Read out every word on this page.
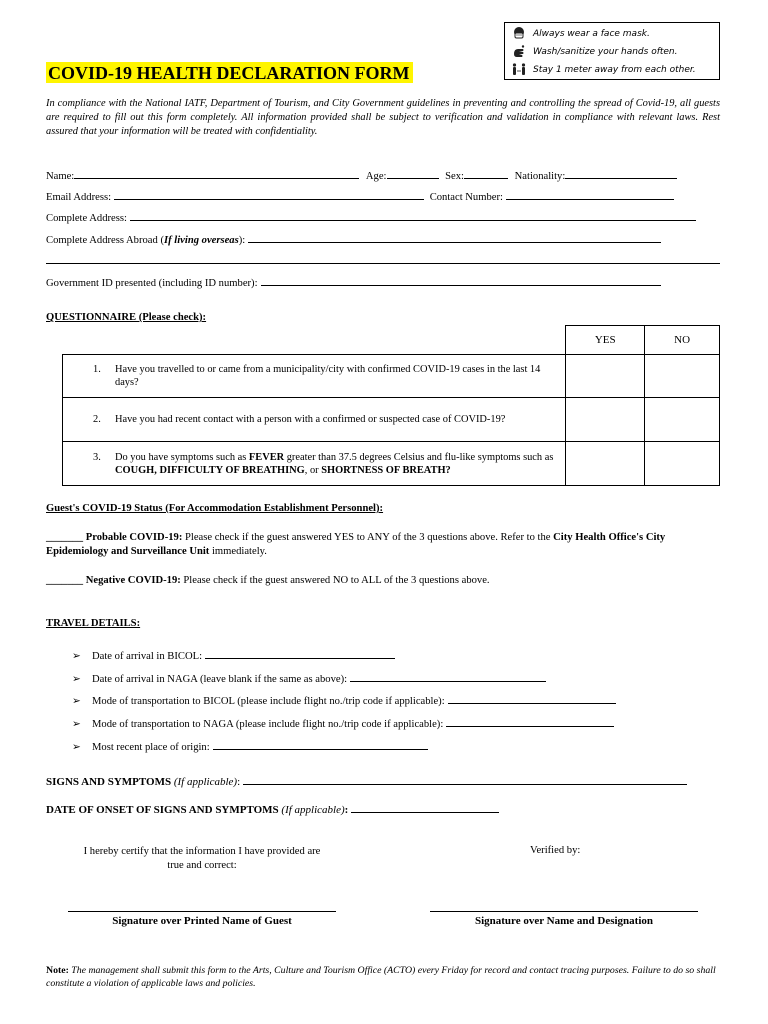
COVID-19 HEALTH DECLARATION FORM
Always wear a face mask.
Wash/sanitize your hands often.
Stay 1 meter away from each other.
In compliance with the National IATF, Department of Tourism, and City Government guidelines in preventing and controlling the spread of Covid-19, all guests are required to fill out this form completely. All information provided shall be subject to verification and validation in compliance with relevant laws. Rest assured that your information will be treated with confidentiality.
Name:	Age:	Sex:	Nationality:
Email Address:	Contact Number:
Complete Address:
Complete Address Abroad (If living overseas):
Government ID presented (including ID number):
QUESTIONNAIRE (Please check):
	YES	NO

1. Have you travelled to or came from a municipality/city with confirmed COVID-19 cases in the last 14 days?		

2. Have you had recent contact with a person with a confirmed or suspected case of COVID-19?		

3. Do you have symptoms such as FEVER greater than 37.5 degrees Celsius and flu-like symptoms such as COUGH, DIFFICULTY OF BREATHING, or SHORTNESS OF BREATH?		

Guest's COVID-19 Status (For Accommodation Establishment Personnel):
_______ Probable COVID-19: Please check if the guest answered YES to ANY of the 3 questions above. Refer to the City Health Office's City Epidemiology and Surveillance Unit immediately.
_______ Negative COVID-19: Please check if the guest answered NO to ALL of the 3 questions above.
TRAVEL DETAILS:
➢ Date of arrival in BICOL:
➢ Date of arrival in NAGA (leave blank if the same as above):
➢ Mode of transportation to BICOL (please include flight no./trip code if applicable):
➢ Mode of transportation to NAGA (please include flight no./trip code if applicable):
➢ Most recent place of origin:
SIGNS AND SYMPTOMS (If applicable):
DATE OF ONSET OF SIGNS AND SYMPTOMS (If applicable):
I hereby certify that the information I have provided are
true and correct:
Verified by:
Signature over Printed Name of Guest	Signature over Name and Designation
Note: The management shall submit this form to the Arts, Culture and Tourism Office (ACTO) every Friday for record and contact tracing purposes. Failure to do so shall constitute a violation of applicable laws and policies.
